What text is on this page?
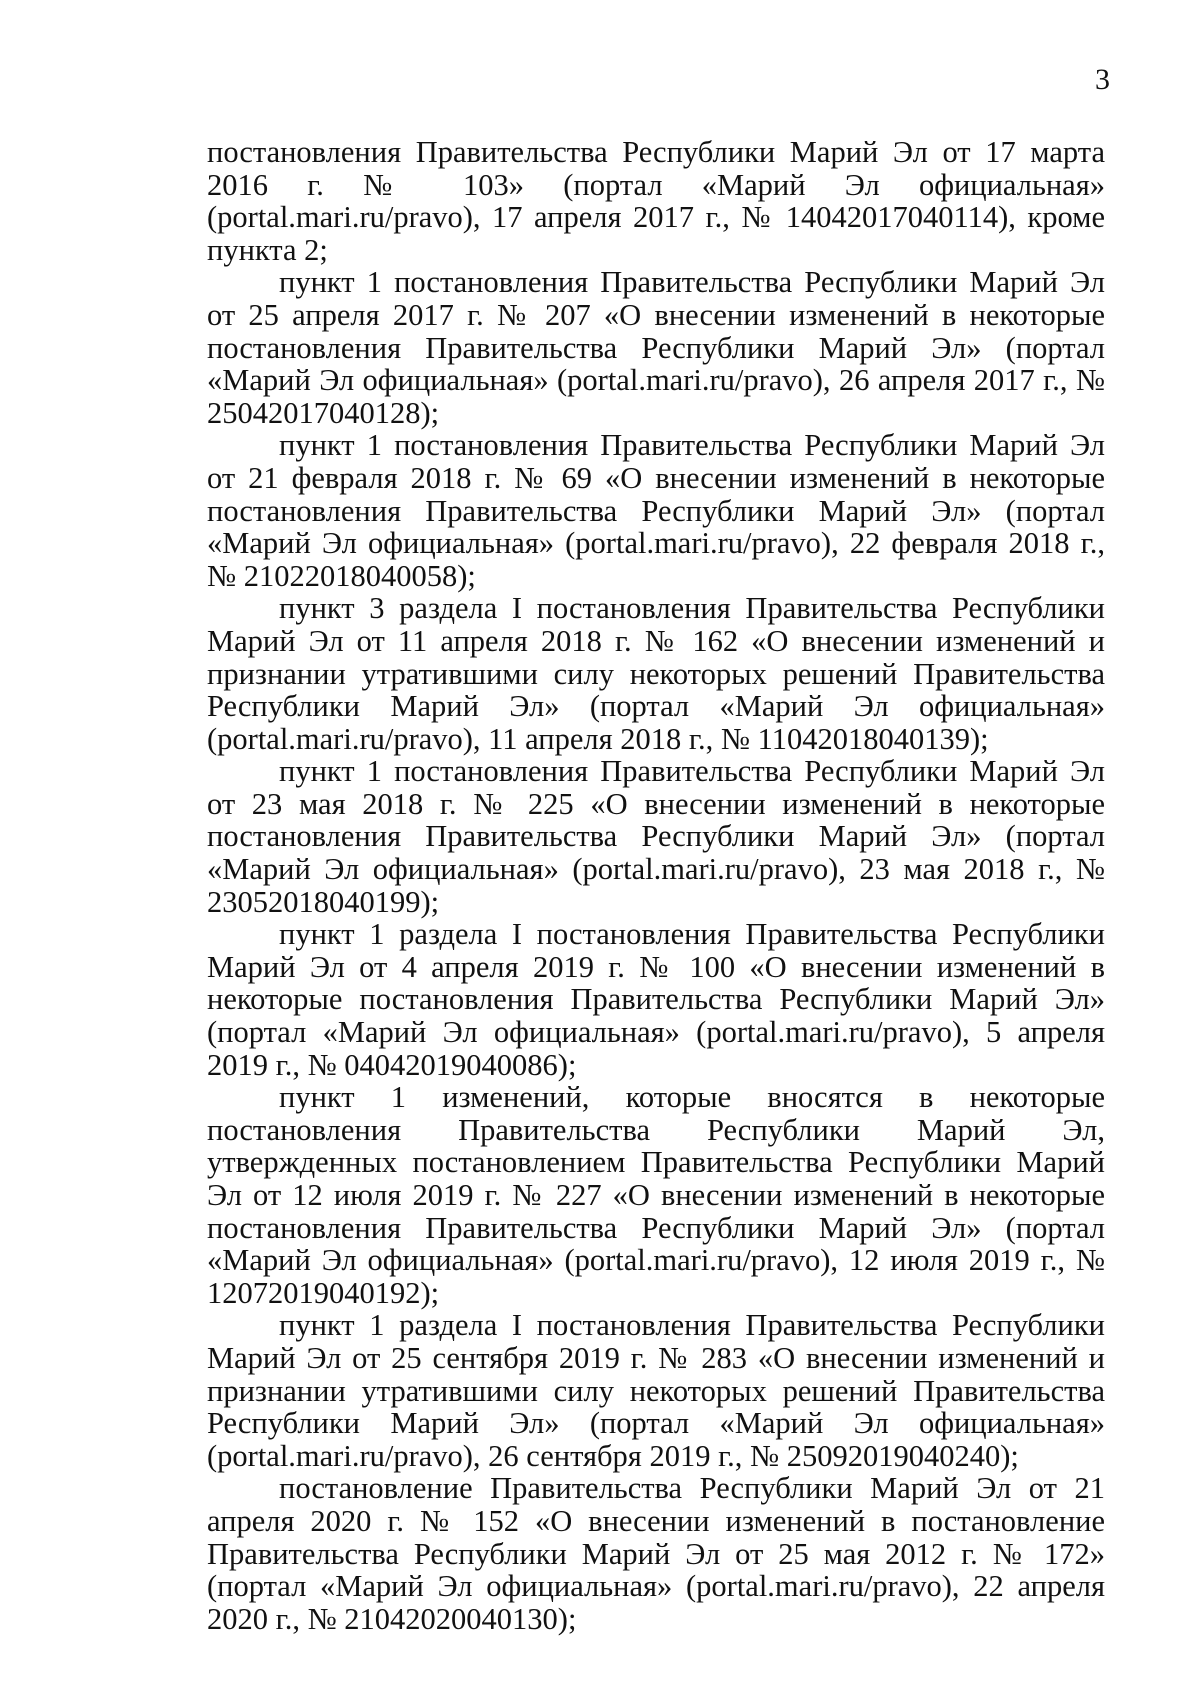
3

постановления Правительства Республики Марий Эл от 17 марта 2016 г. № 103» (портал «Марий Эл официальная» (portal.mari.ru/pravo), 17 апреля 2017 г., № 14042017040114), кроме пункта 2;

пункт 1 постановления Правительства Республики Марий Эл от 25 апреля 2017 г. № 207 «О внесении изменений в некоторые постановления Правительства Республики Марий Эл» (портал «Марий Эл официальная» (portal.mari.ru/pravo), 26 апреля 2017 г., № 25042017040128);

пункт 1 постановления Правительства Республики Марий Эл от 21 февраля 2018 г. № 69 «О внесении изменений в некоторые постановления Правительства Республики Марий Эл» (портал «Марий Эл официальная» (portal.mari.ru/pravo), 22 февраля 2018 г., № 21022018040058);

пункт 3 раздела I постановления Правительства Республики Марий Эл от 11 апреля 2018 г. № 162 «О внесении изменений и признании утратившими силу некоторых решений Правительства Республики Марий Эл» (портал «Марий Эл официальная» (portal.mari.ru/pravo), 11 апреля 2018 г., № 11042018040139);

пункт 1 постановления Правительства Республики Марий Эл от 23 мая 2018 г. № 225 «О внесении изменений в некоторые постановления Правительства Республики Марий Эл» (портал «Марий Эл официальная» (portal.mari.ru/pravo), 23 мая 2018 г., № 23052018040199);

пункт 1 раздела I постановления Правительства Республики Марий Эл от 4 апреля 2019 г. № 100 «О внесении изменений в некоторые постановления Правительства Республики Марий Эл» (портал «Марий Эл официальная» (portal.mari.ru/pravo), 5 апреля 2019 г., № 04042019040086);

пункт 1 изменений, которые вносятся в некоторые постановления Правительства Республики Марий Эл, утвержденных постановлением Правительства Республики Марий Эл от 12 июля 2019 г. № 227 «О внесении изменений в некоторые постановления Правительства Республики Марий Эл» (портал «Марий Эл официальная» (portal.mari.ru/pravo), 12 июля 2019 г., № 12072019040192);

пункт 1 раздела I постановления Правительства Республики Марий Эл от 25 сентября 2019 г. № 283 «О внесении изменений и признании утратившими силу некоторых решений Правительства Республики Марий Эл» (портал «Марий Эл официальная» (portal.mari.ru/pravo), 26 сентября 2019 г., № 25092019040240);

постановление Правительства Республики Марий Эл от 21 апреля 2020 г. № 152 «О внесении изменений в постановление Правительства Республики Марий Эл от 25 мая 2012 г. № 172» (портал «Марий Эл официальная» (portal.mari.ru/pravo), 22 апреля 2020 г., № 21042020040130);
